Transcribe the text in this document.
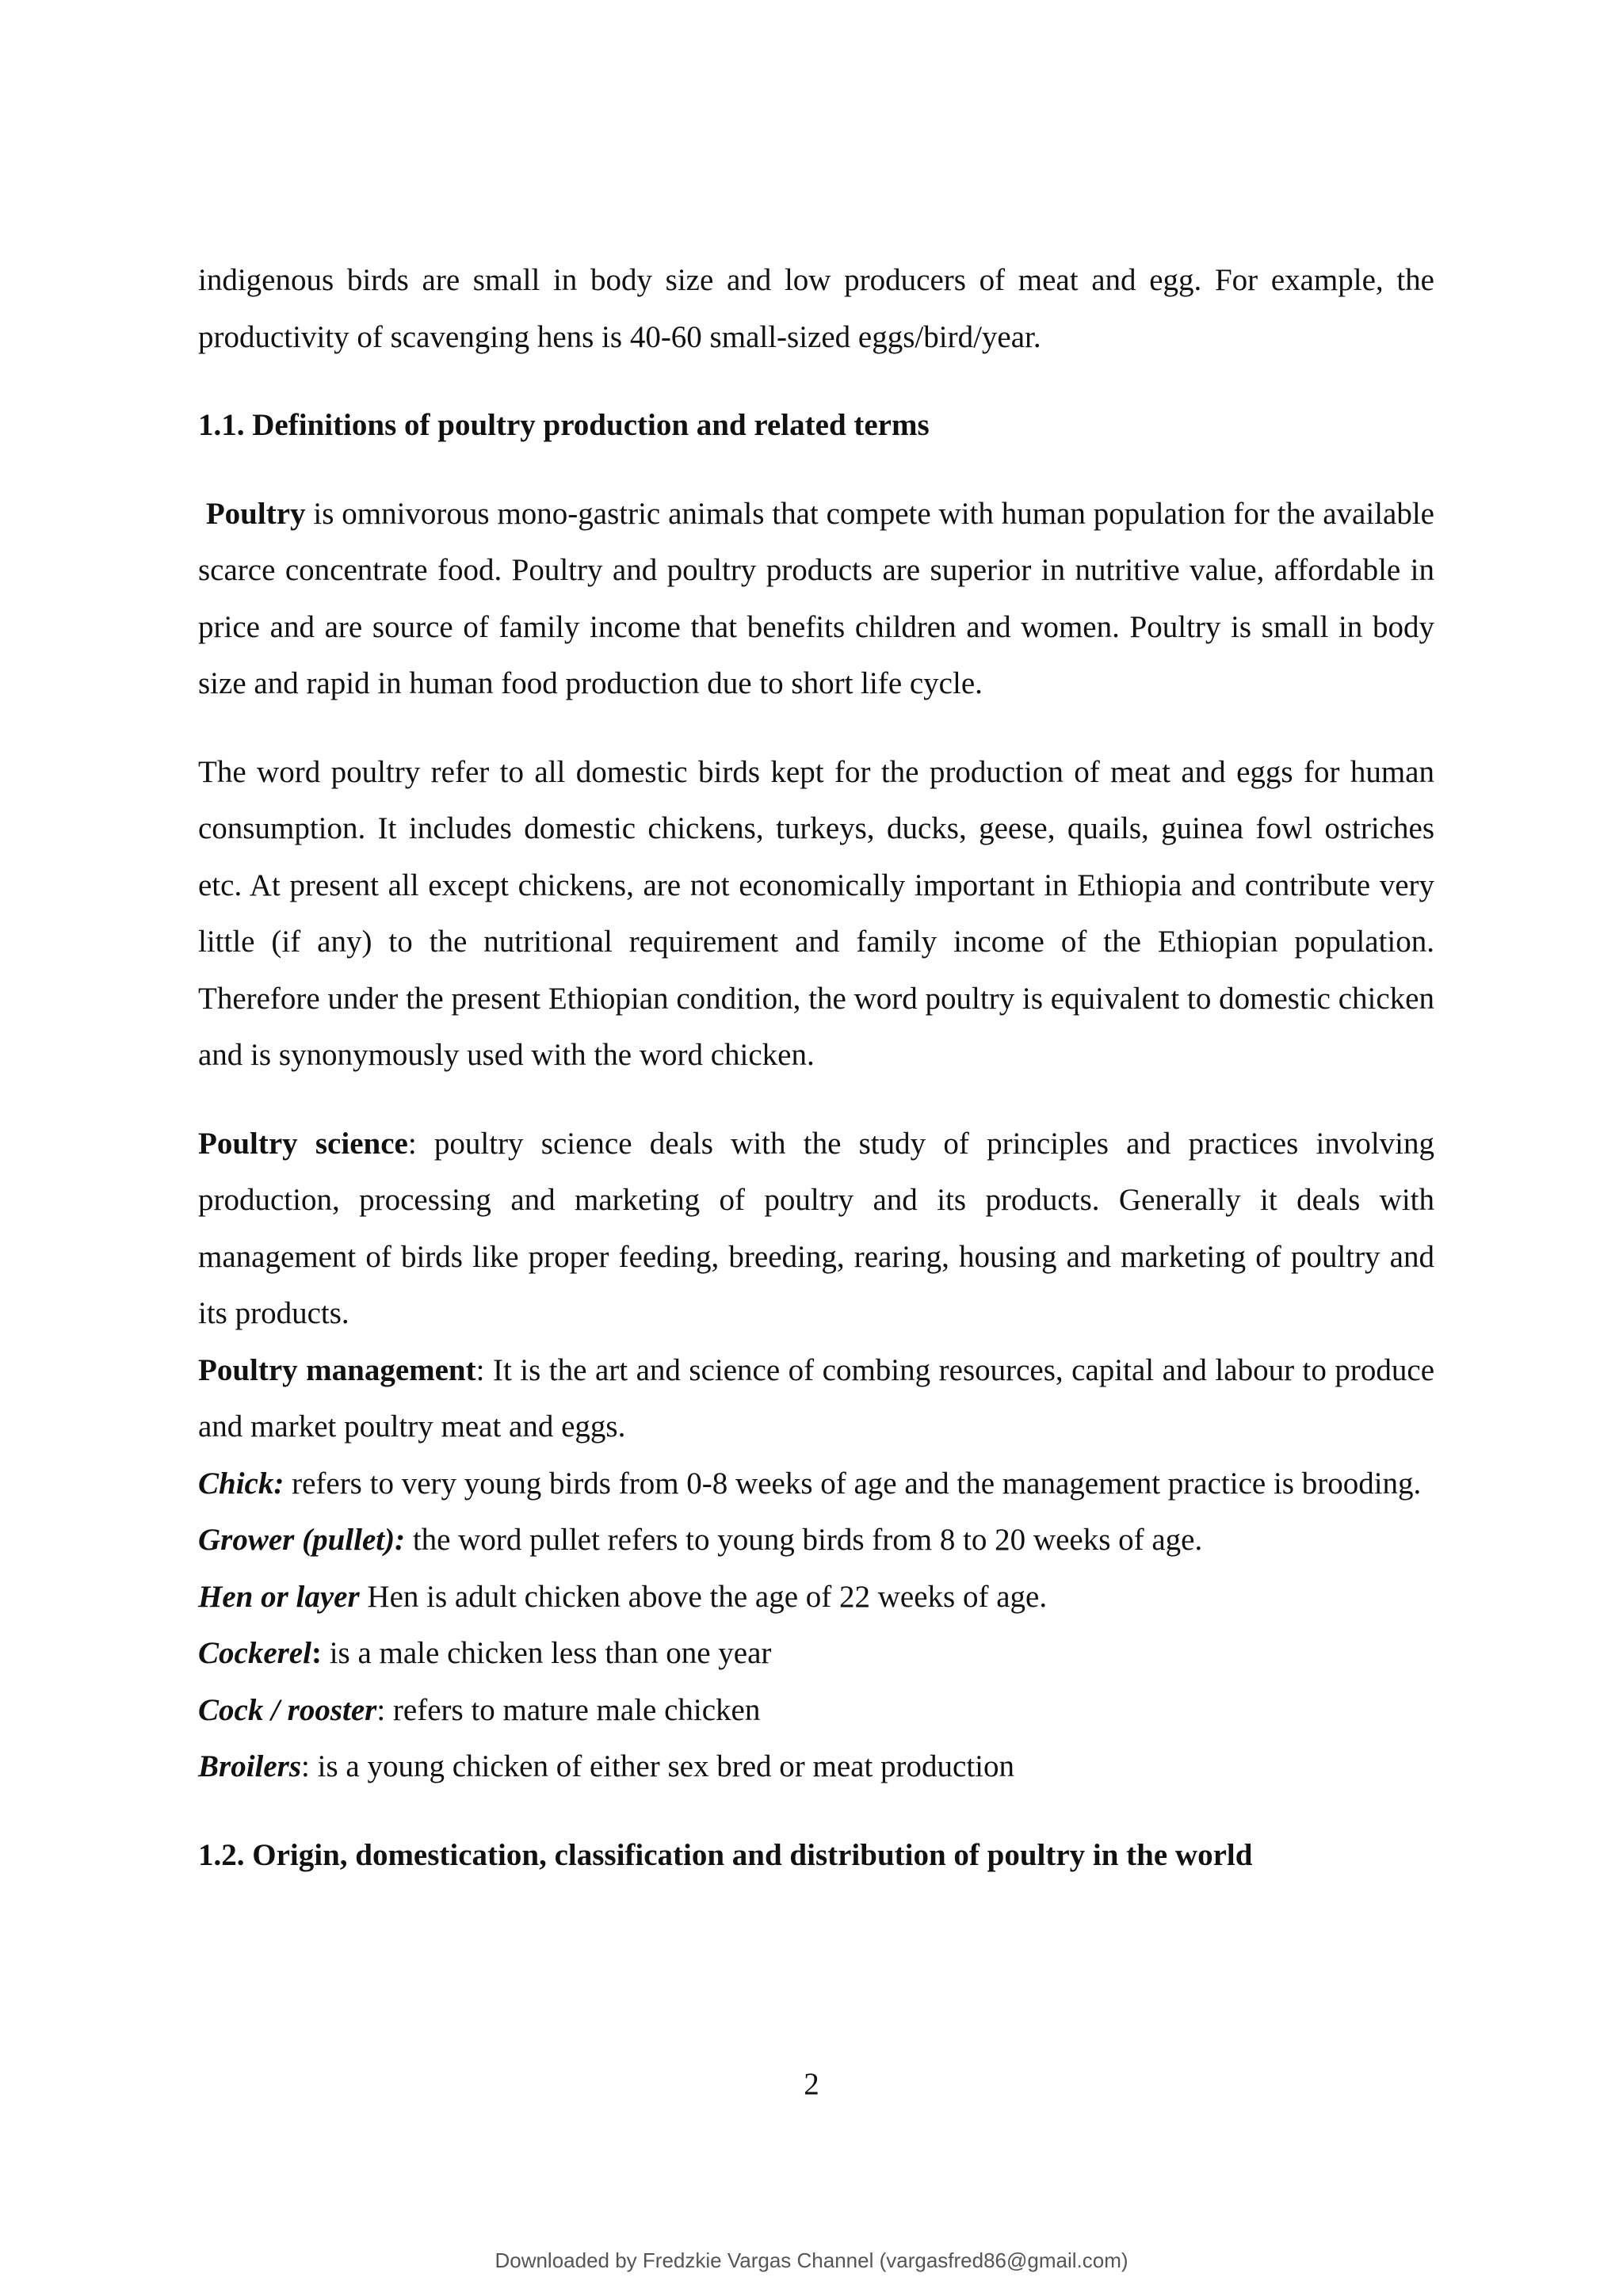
indigenous birds are small in body size and low producers of meat and egg. For example, the productivity of scavenging hens is 40-60 small-sized eggs/bird/year.

1.1. Definitions of poultry production and related terms

Poultry is omnivorous mono-gastric animals that compete with human population for the available scarce concentrate food. Poultry and poultry products are superior in nutritive value, affordable in price and are source of family income that benefits children and women. Poultry is small in body size and rapid in human food production due to short life cycle.

The word poultry refer to all domestic birds kept for the production of meat and eggs for human consumption. It includes domestic chickens, turkeys, ducks, geese, quails, guinea fowl ostriches etc. At present all except chickens, are not economically important in Ethiopia and contribute very little (if any) to the nutritional requirement and family income of the Ethiopian population. Therefore under the present Ethiopian condition, the word poultry is equivalent to domestic chicken and is synonymously used with the word chicken.

Poultry science: poultry science deals with the study of principles and practices involving production, processing and marketing of poultry and its products. Generally it deals with management of birds like proper feeding, breeding, rearing, housing and marketing of poultry and its products.

Poultry management: It is the art and science of combing resources, capital and labour to produce and market poultry meat and eggs.

Chick: refers to very young birds from 0-8 weeks of age and the management practice is brooding.

Grower (pullet): the word pullet refers to young birds from 8 to 20 weeks of age.

Hen or layer Hen is adult chicken above the age of 22 weeks of age.

Cockerel: is a male chicken less than one year

Cock / rooster: refers to mature male chicken

Broilers: is a young chicken of either sex bred or meat production

1.2. Origin, domestication, classification and distribution of poultry in the world
2
Downloaded by Fredzkie Vargas Channel (vargasfred86@gmail.com)
